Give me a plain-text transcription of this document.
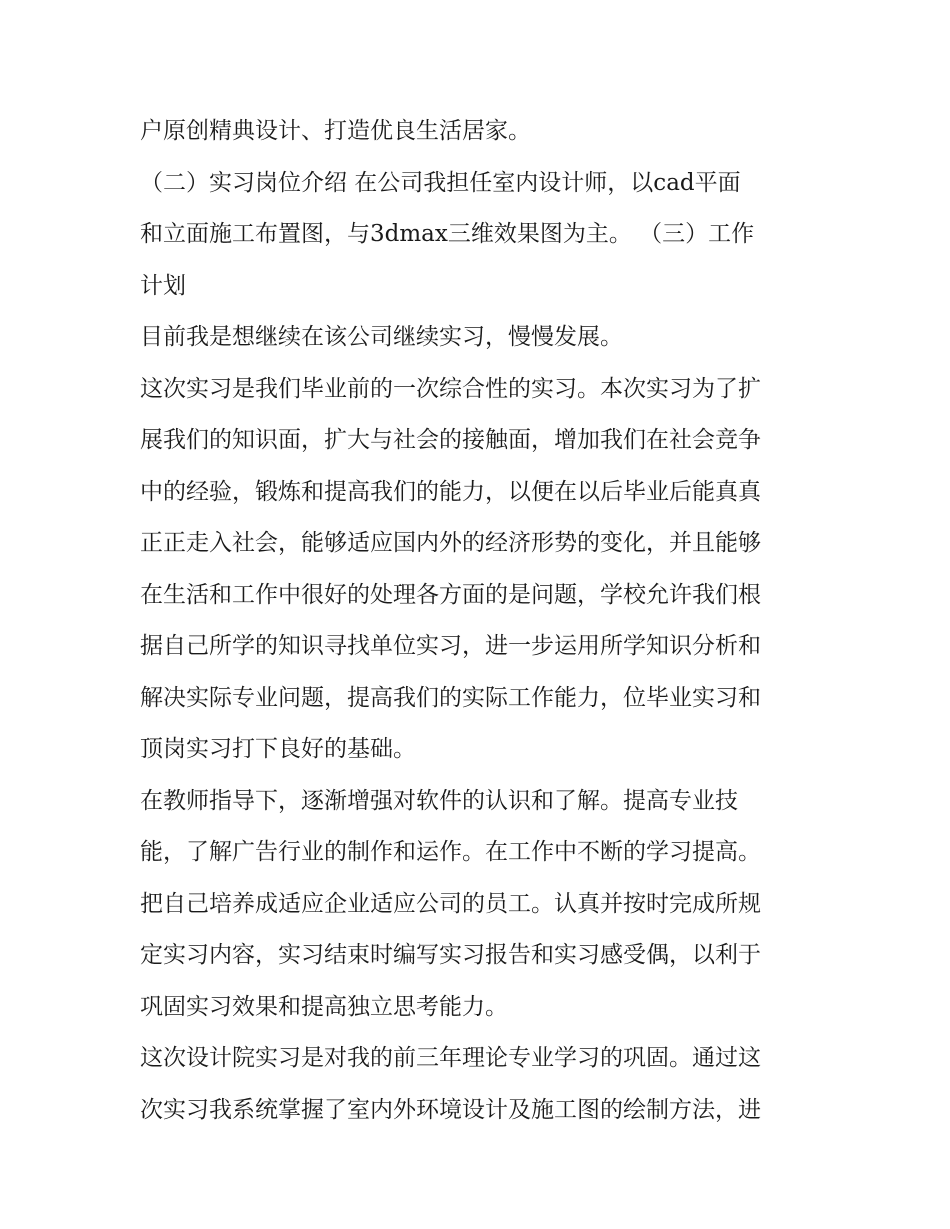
户原创精典设计、打造优良生活居家。
（二）实习岗位介绍 在公司我担任室内设计师，以cad平面
和立面施工布置图，与3dmax三维效果图为主。 （三）工作
计划
目前我是想继续在该公司继续实习，慢慢发展。
这次实习是我们毕业前的一次综合性的实习。本次实习为了扩
展我们的知识面，扩大与社会的接触面，增加我们在社会竞争
中的经验，锻炼和提高我们的能力，以便在以后毕业后能真真
正正走入社会，能够适应国内外的经济形势的变化，并且能够
在生活和工作中很好的处理各方面的是问题，学校允许我们根
据自己所学的知识寻找单位实习，进一步运用所学知识分析和
解决实际专业问题，提高我们的实际工作能力，位毕业实习和
顶岗实习打下良好的基础。
在教师指导下，逐渐增强对软件的认识和了解。提高专业技
能，了解广告行业的制作和运作。在工作中不断的学习提高。
把自己培养成适应企业适应公司的员工。认真并按时完成所规
定实习内容，实习结束时编写实习报告和实习感受偶，以利于
巩固实习效果和提高独立思考能力。
这次设计院实习是对我的前三年理论专业学习的巩固。通过这
次实习我系统掌握了室内外环境设计及施工图的绘制方法，进
